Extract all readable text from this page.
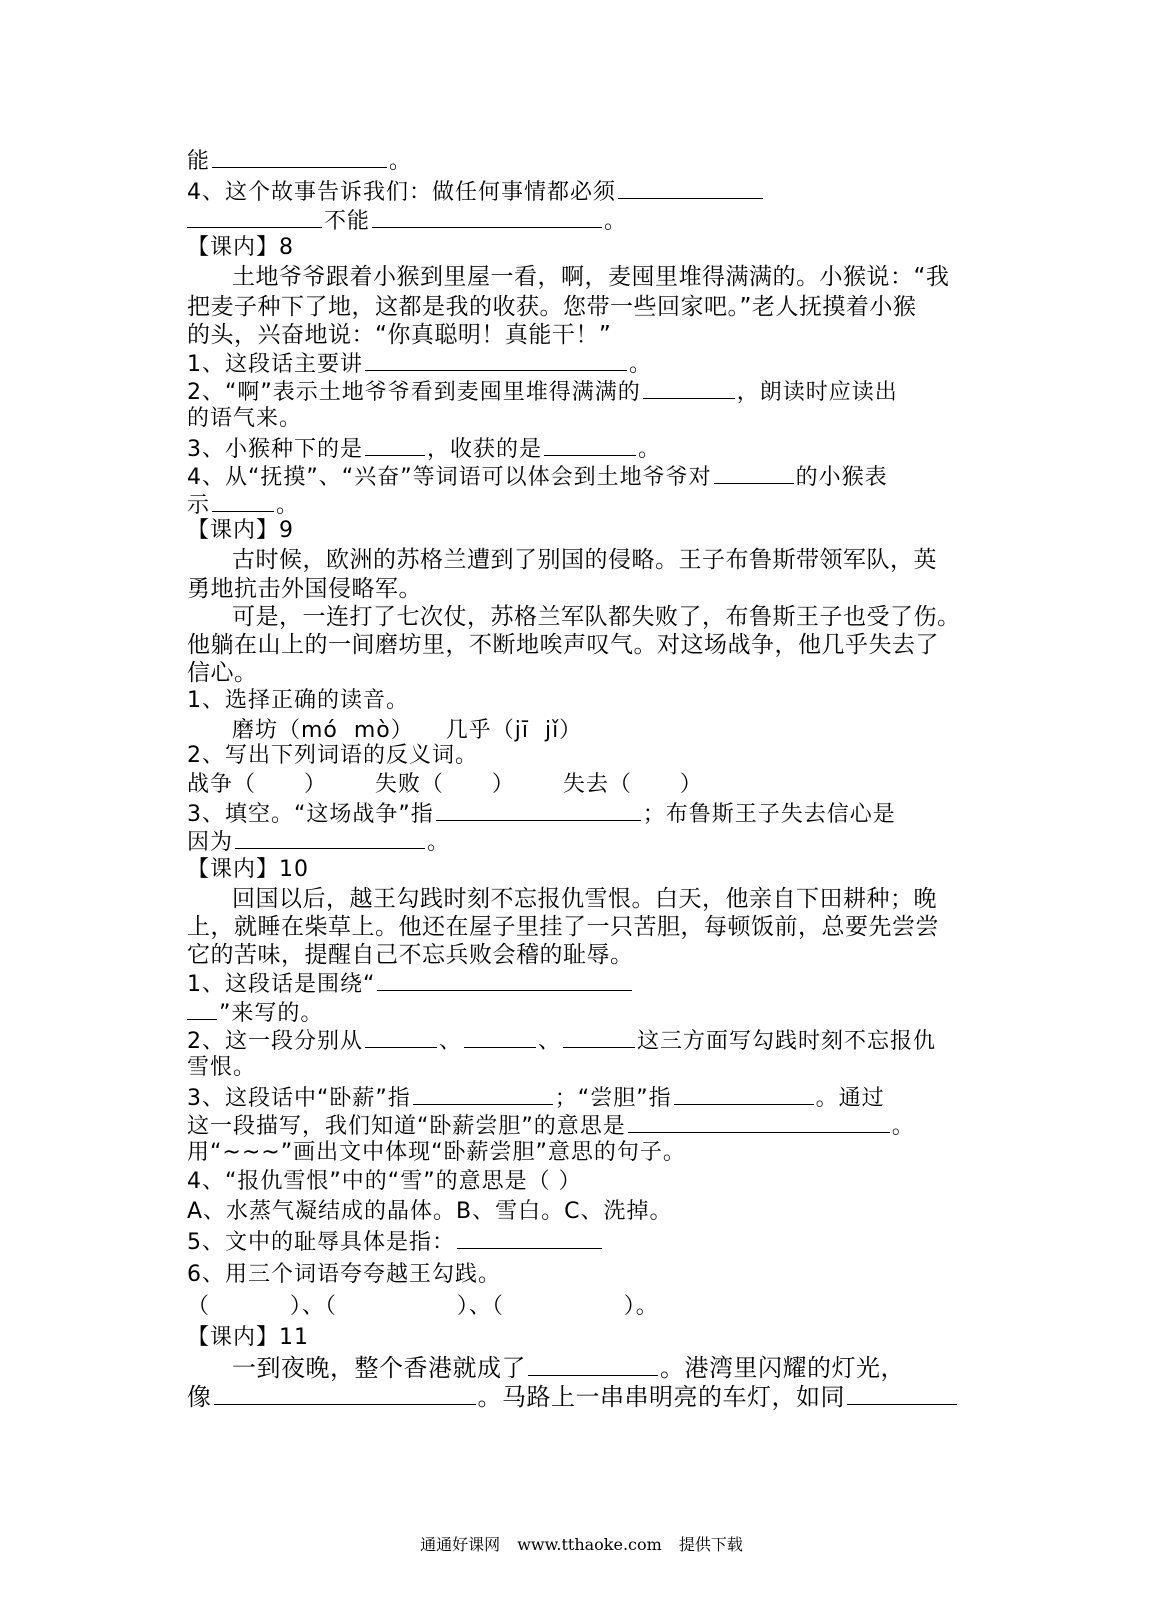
能	。
4、这个故事告诉我们：做任何事情都必须
不能	。
【课内】8
土地爷爷跟着小猴到里屋一看，啊，麦囤里堆得满满的。小猴说：“我
把麦子种下了地，这都是我的收获。您带一些回家吧。”老人抚摸着小猴
的头，兴奋地说：“你真聪明！真能干！”
1、这段话主要讲	。
2、“啊”表示土地爷爷看到麦囤里堆得满满的	，朗读时应读出
的语气来。
3、小猴种下的是	，收获的是	。
4、从“抚摸”、“兴奋”等词语可以体会到土地爷爷对	的小猴表
示	。
【课内】9
古时候，欧洲的苏格兰遭到了别国的侵略。王子布鲁斯带领军队，英
勇地抗击外国侵略军。
可是，一连打了七次仗，苏格兰军队都失败了，布鲁斯王子也受了伤。
他躺在山上的一间磨坊里，不断地唉声叹气。对这场战争，他几乎失去了
信心。
1、选择正确的读音。
磨坊（mó  mò）    几乎（jī  jǐ）
2、写出下列词语的反义词。
战争（      ）      失败（      ）      失去（      ）
3、填空。“这场战争”指	；布鲁斯王子失去信心是
因为	。
【课内】10
回国以后，越王勾践时刻不忘报仇雪恨。白天，他亲自下田耕种；晚
上，就睡在柴草上。他还在屋子里挂了一只苦胆，每顿饭前，总要先尝尝
它的苦味，提醒自己不忘兵败会稽的耻辱。
1、这段话是围绕“
”来写的。
2、这一段分别从	、	、	这三方面写勾践时刻不忘报仇
雪恨。
3、这段话中“卧薪”指	；“尝胆”指	。通过
这一段描写，我们知道“卧薪尝胆”的意思是	。
用“~~~”画出文中体现“卧薪尝胆”意思的句子。
4、“报仇雪恨”中的“雪”的意思是（ ）
A、水蒸气凝结成的晶体。B、雪白。C、洗掉。
5、文中的耻辱具体是指：
6、用三个词语夸夸越王勾践。
（          ）、（               ）、（               ）。
【课内】11
一到夜晚，整个香港就成了	。港湾里闪耀的灯光，
像	。马路上一串串明亮的车灯，如同
通通好课网 www.tthaoke.com 提供下载
